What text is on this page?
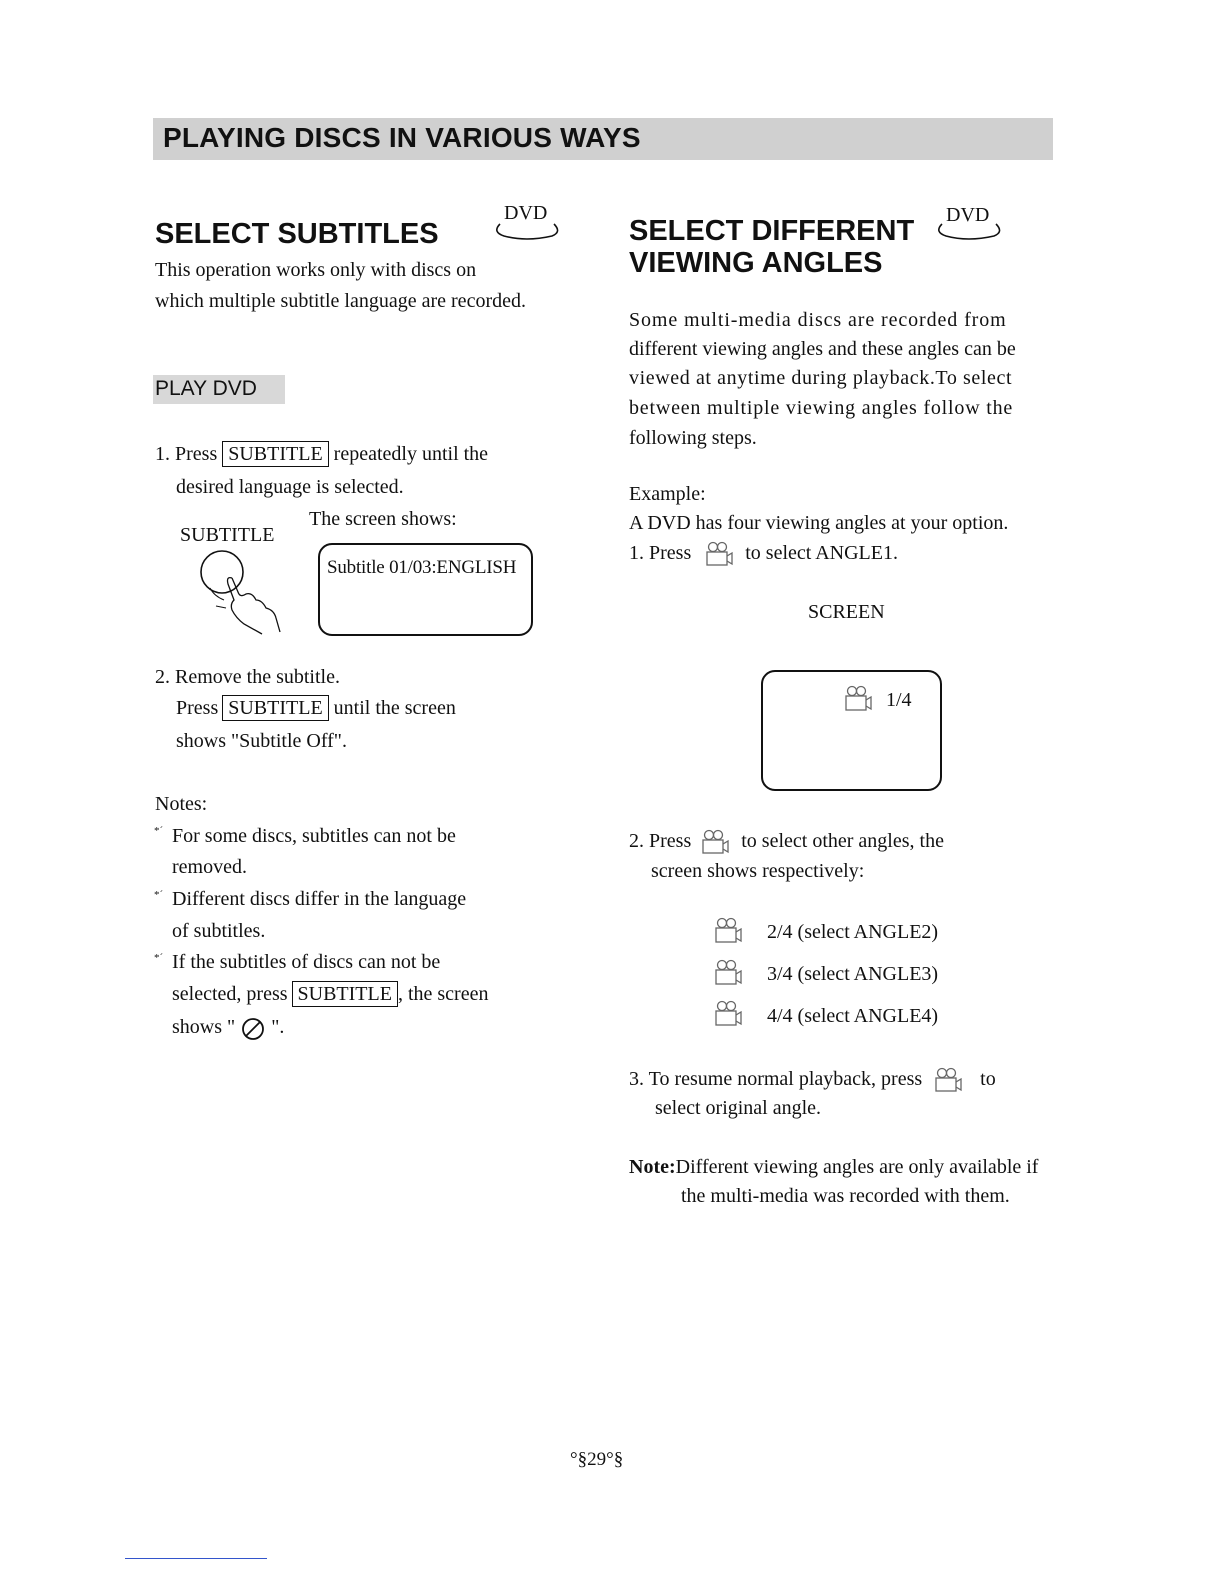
PLAYING DISCS IN VARIOUS WAYS
SELECT SUBTITLES
DVD
This operation works only with discs on
which multiple subtitle language are recorded.
PLAY DVD
1. Press SUBTITLE repeatedly until the
desired language is selected.
The screen shows:
SUBTITLE
Subtitle 01/03:ENGLISH
2. Remove the subtitle.
Press SUBTITLE until the screen
shows "Subtitle Off".
Notes:
*´ For some discs, subtitles can not be
removed.
*´ Different discs differ in the language
of subtitles.
*´ If the subtitles of discs can not be
selected, press SUBTITLE , the screen
shows " ".
SELECT DIFFERENT
VIEWING ANGLES
DVD
Some multi-media discs are recorded from
different viewing angles and these angles can be
viewed at anytime during playback.To select
between multiple viewing angles follow the
following steps.
Example:
A DVD has four viewing angles at your option.
1. Press	to select ANGLE1.
SCREEN
1/4
2. Press	to select other angles, the
screen shows respectively:
2/4 (select ANGLE2)
3/4 (select ANGLE3)
4/4 (select ANGLE4)
3. To resume normal playback, press	to
select original angle.
Note:Different viewing angles are only available if
the multi-media was recorded with them.
°§29°§
